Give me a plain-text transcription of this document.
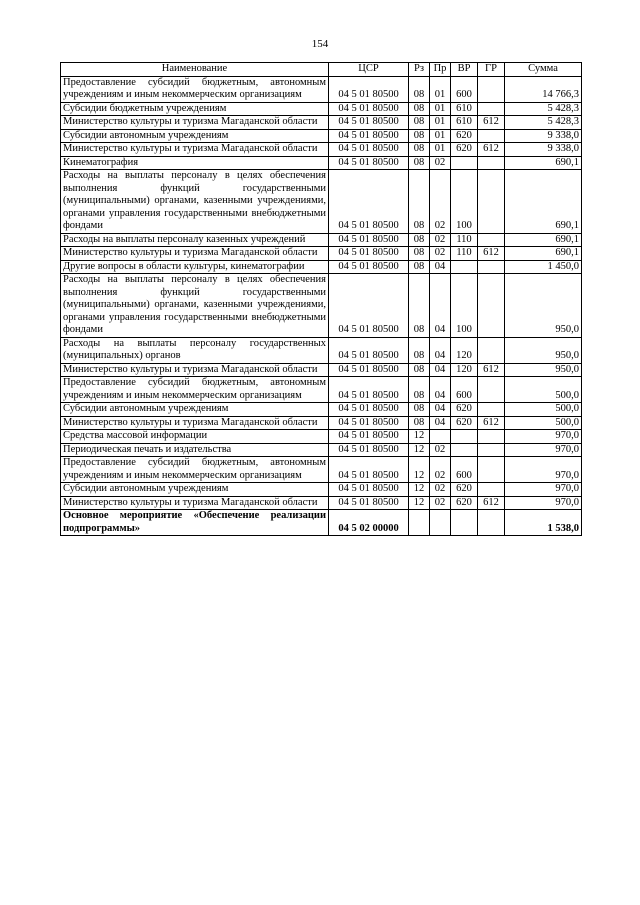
154
Наименование	ЦСР	Рз	Пр	ВР	ГР	Сумма
Предоставление субсидий бюджетным, автономным учреждениям и иным некоммерческим организациям	04 5 01 80500	08	01	600		14 766,3
Субсидии бюджетным учреждениям	04 5 01 80500	08	01	610		5 428,3
Министерство культуры и туризма Магаданской области	04 5 01 80500	08	01	610	612	5 428,3
Субсидии автономным учреждениям	04 5 01 80500	08	01	620		9 338,0
Министерство культуры и туризма Магаданской области	04 5 01 80500	08	01	620	612	9 338,0
Кинематография	04 5 01 80500	08	02			690,1
Расходы на выплаты персоналу в целях обеспечения выполнения функций государственными (муниципальными) органами, казенными учреждениями, органами управления государственными внебюджетными фондами	04 5 01 80500	08	02	100		690,1
Расходы на выплаты персоналу казенных учреждений	04 5 01 80500	08	02	110		690,1
Министерство культуры и туризма Магаданской области	04 5 01 80500	08	02	110	612	690,1
Другие вопросы в области культуры, кинематографии	04 5 01 80500	08	04			1 450,0
Расходы на выплаты персоналу в целях обеспечения выполнения функций государственными (муниципальными) органами, казенными учреждениями, органами управления государственными внебюджетными фондами	04 5 01 80500	08	04	100		950,0
Расходы на выплаты персоналу государственных (муниципальных) органов	04 5 01 80500	08	04	120		950,0
Министерство культуры и туризма Магаданской области	04 5 01 80500	08	04	120	612	950,0
Предоставление субсидий бюджетным, автономным учреждениям и иным некоммерческим организациям	04 5 01 80500	08	04	600		500,0
Субсидии автономным учреждениям	04 5 01 80500	08	04	620		500,0
Министерство культуры и туризма Магаданской области	04 5 01 80500	08	04	620	612	500,0
Средства массовой информации	04 5 01 80500	12				970,0
Периодическая печать и издательства	04 5 01 80500	12	02			970,0
Предоставление субсидий бюджетным, автономным учреждениям и иным некоммерческим организациям	04 5 01 80500	12	02	600		970,0
Субсидии автономным учреждениям	04 5 01 80500	12	02	620		970,0
Министерство культуры и туризма Магаданской области	04 5 01 80500	12	02	620	612	970,0
Основное мероприятие «Обеспечение реализации подпрограммы»	04 5 02 00000					1 538,0
